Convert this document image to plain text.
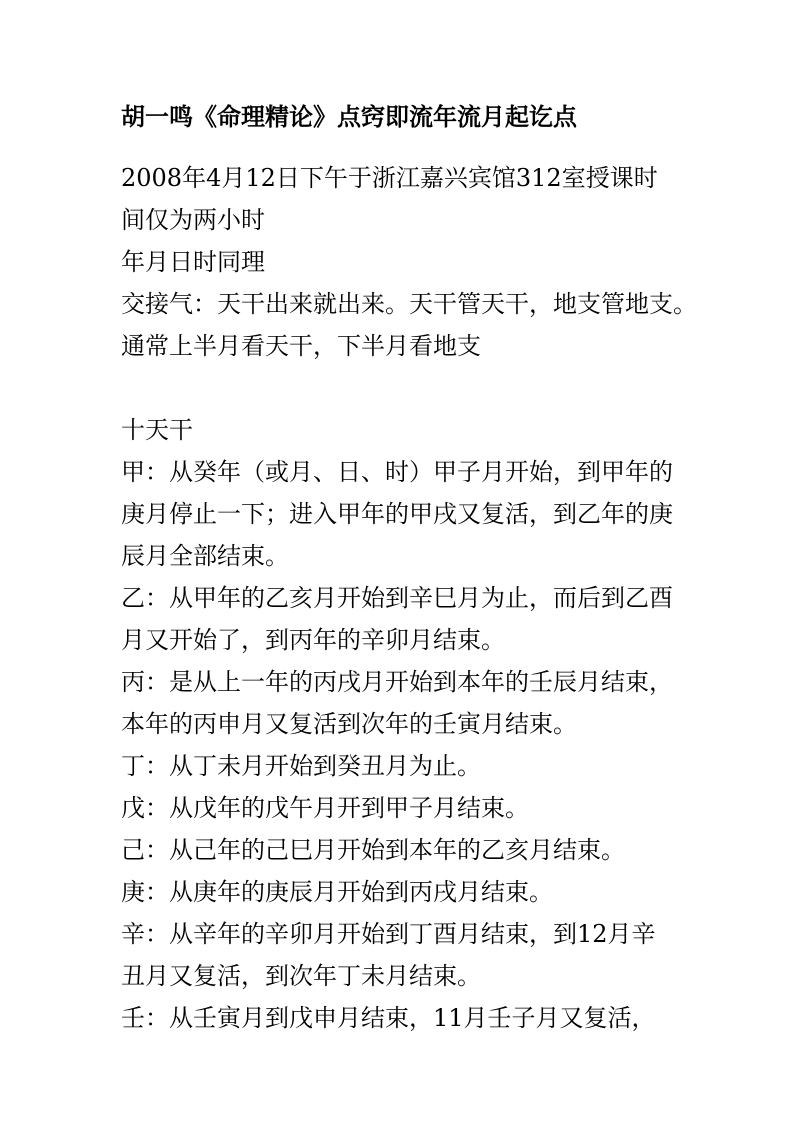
胡一鸣《命理精论》点窍即流年流月起讫点
2008年4月12日下午于浙江嘉兴宾馆312室授课时
间仅为两小时
年月日时同理
交接气：天干出来就出来。天干管天干，地支管地支。
通常上半月看天干，下半月看地支
十天干
甲：从癸年（或月、日、时）甲子月开始，到甲年的
庚月停止一下；进入甲年的甲戌又复活，到乙年的庚
辰月全部结束。
乙：从甲年的乙亥月开始到辛巳月为止，而后到乙酉
月又开始了，到丙年的辛卯月结束。
丙：是从上一年的丙戌月开始到本年的壬辰月结束，
本年的丙申月又复活到次年的壬寅月结束。
丁：从丁未月开始到癸丑月为止。
戊：从戊年的戊午月开到甲子月结束。
己：从己年的己巳月开始到本年的乙亥月结束。
庚：从庚年的庚辰月开始到丙戌月结束。
辛：从辛年的辛卯月开始到丁酉月结束，到12月辛
丑月又复活，到次年丁未月结束。
壬：从壬寅月到戊申月结束，11月壬子月又复活，
